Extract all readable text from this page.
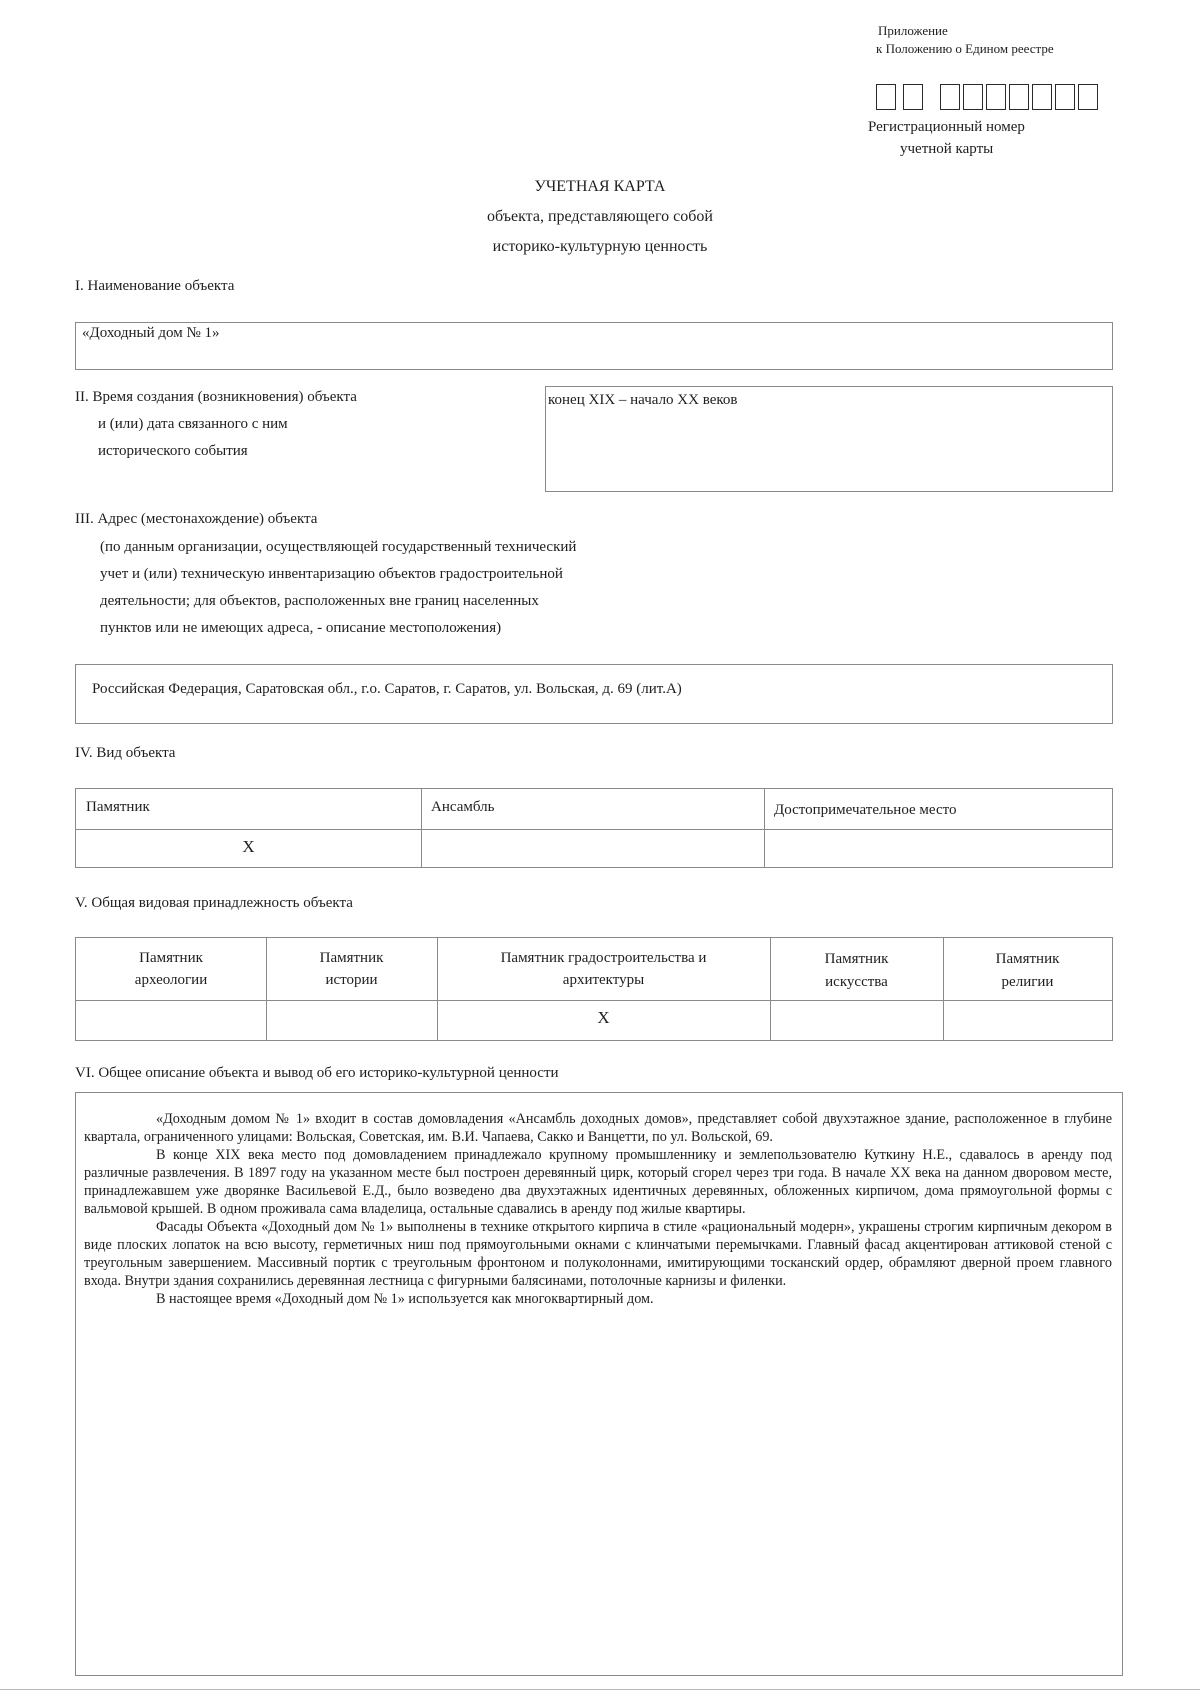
Приложение
к Положению о Едином реестре
Регистрационный номер
учетной карты
УЧЕТНАЯ КАРТА
объекта, представляющего собой
историко-культурную ценность
I. Наименование объекта
«Доходный дом № 1»
II. Время создания (возникновения) объекта
и (или) дата связанного с ним
исторического события
конец XIX – начало XX веков
III. Адрес (местонахождение) объекта
(по данным организации, осуществляющей государственный технический
учет и (или) техническую инвентаризацию объектов градостроительной
деятельности; для объектов, расположенных вне границ населенных
пунктов или не имеющих адреса, - описание местоположения)
Российская Федерация, Саратовская обл., г.о. Саратов, г. Саратов, ул. Вольская, д. 69 (лит.А)
IV. Вид объекта
Памятник	Ансамбль	Достопримечательное место
X
V. Общая видовая принадлежность объекта
Памятник
археологии
Памятник
истории
Памятник градостроительства и
архитектуры
Памятник
искусства
Памятник
религии
X
VI. Общее описание объекта и вывод об его историко-культурной ценности

«Доходным домом № 1» входит в состав домовладения «Ансамбль доходных домов», представляет собой двухэтажное здание, расположенное в глубине квартала, ограниченного улицами: Вольская, Советская, им. В.И. Чапаева, Сакко и Ванцетти, по ул. Вольской, 69.

В конце XIX века место под домовладением принадлежало крупному промышленнику и землепользователю Куткину Н.Е., сдавалось в аренду под различные развлечения. В 1897 году на указанном месте был построен деревянный цирк, который сгорел через три года. В начале XX века на данном дворовом месте, принадлежавшем уже дворянке Васильевой Е.Д., было возведено два двухэтажных идентичных деревянных, обложенных кирпичом, дома прямоугольной формы с вальмовой крышей. В одном проживала сама владелица, остальные сдавались в аренду под жилые квартиры.

Фасады Объекта «Доходный дом № 1» выполнены в технике открытого кирпича в стиле «рациональный модерн», украшены строгим кирпичным декором в виде плоских лопаток на всю высоту, герметичных ниш под прямоугольными окнами с клинчатыми перемычками. Главный фасад акцентирован аттиковой стеной с треугольным завершением. Массивный портик с треугольным фронтоном и полуколоннами, имитирующими тосканский ордер, обрамляют дверной проем главного входа. Внутри здания сохранились деревянная лестница с фигурными балясинами, потолочные карнизы и филенки.

В настоящее время «Доходный дом № 1» используется как многоквартирный дом.
